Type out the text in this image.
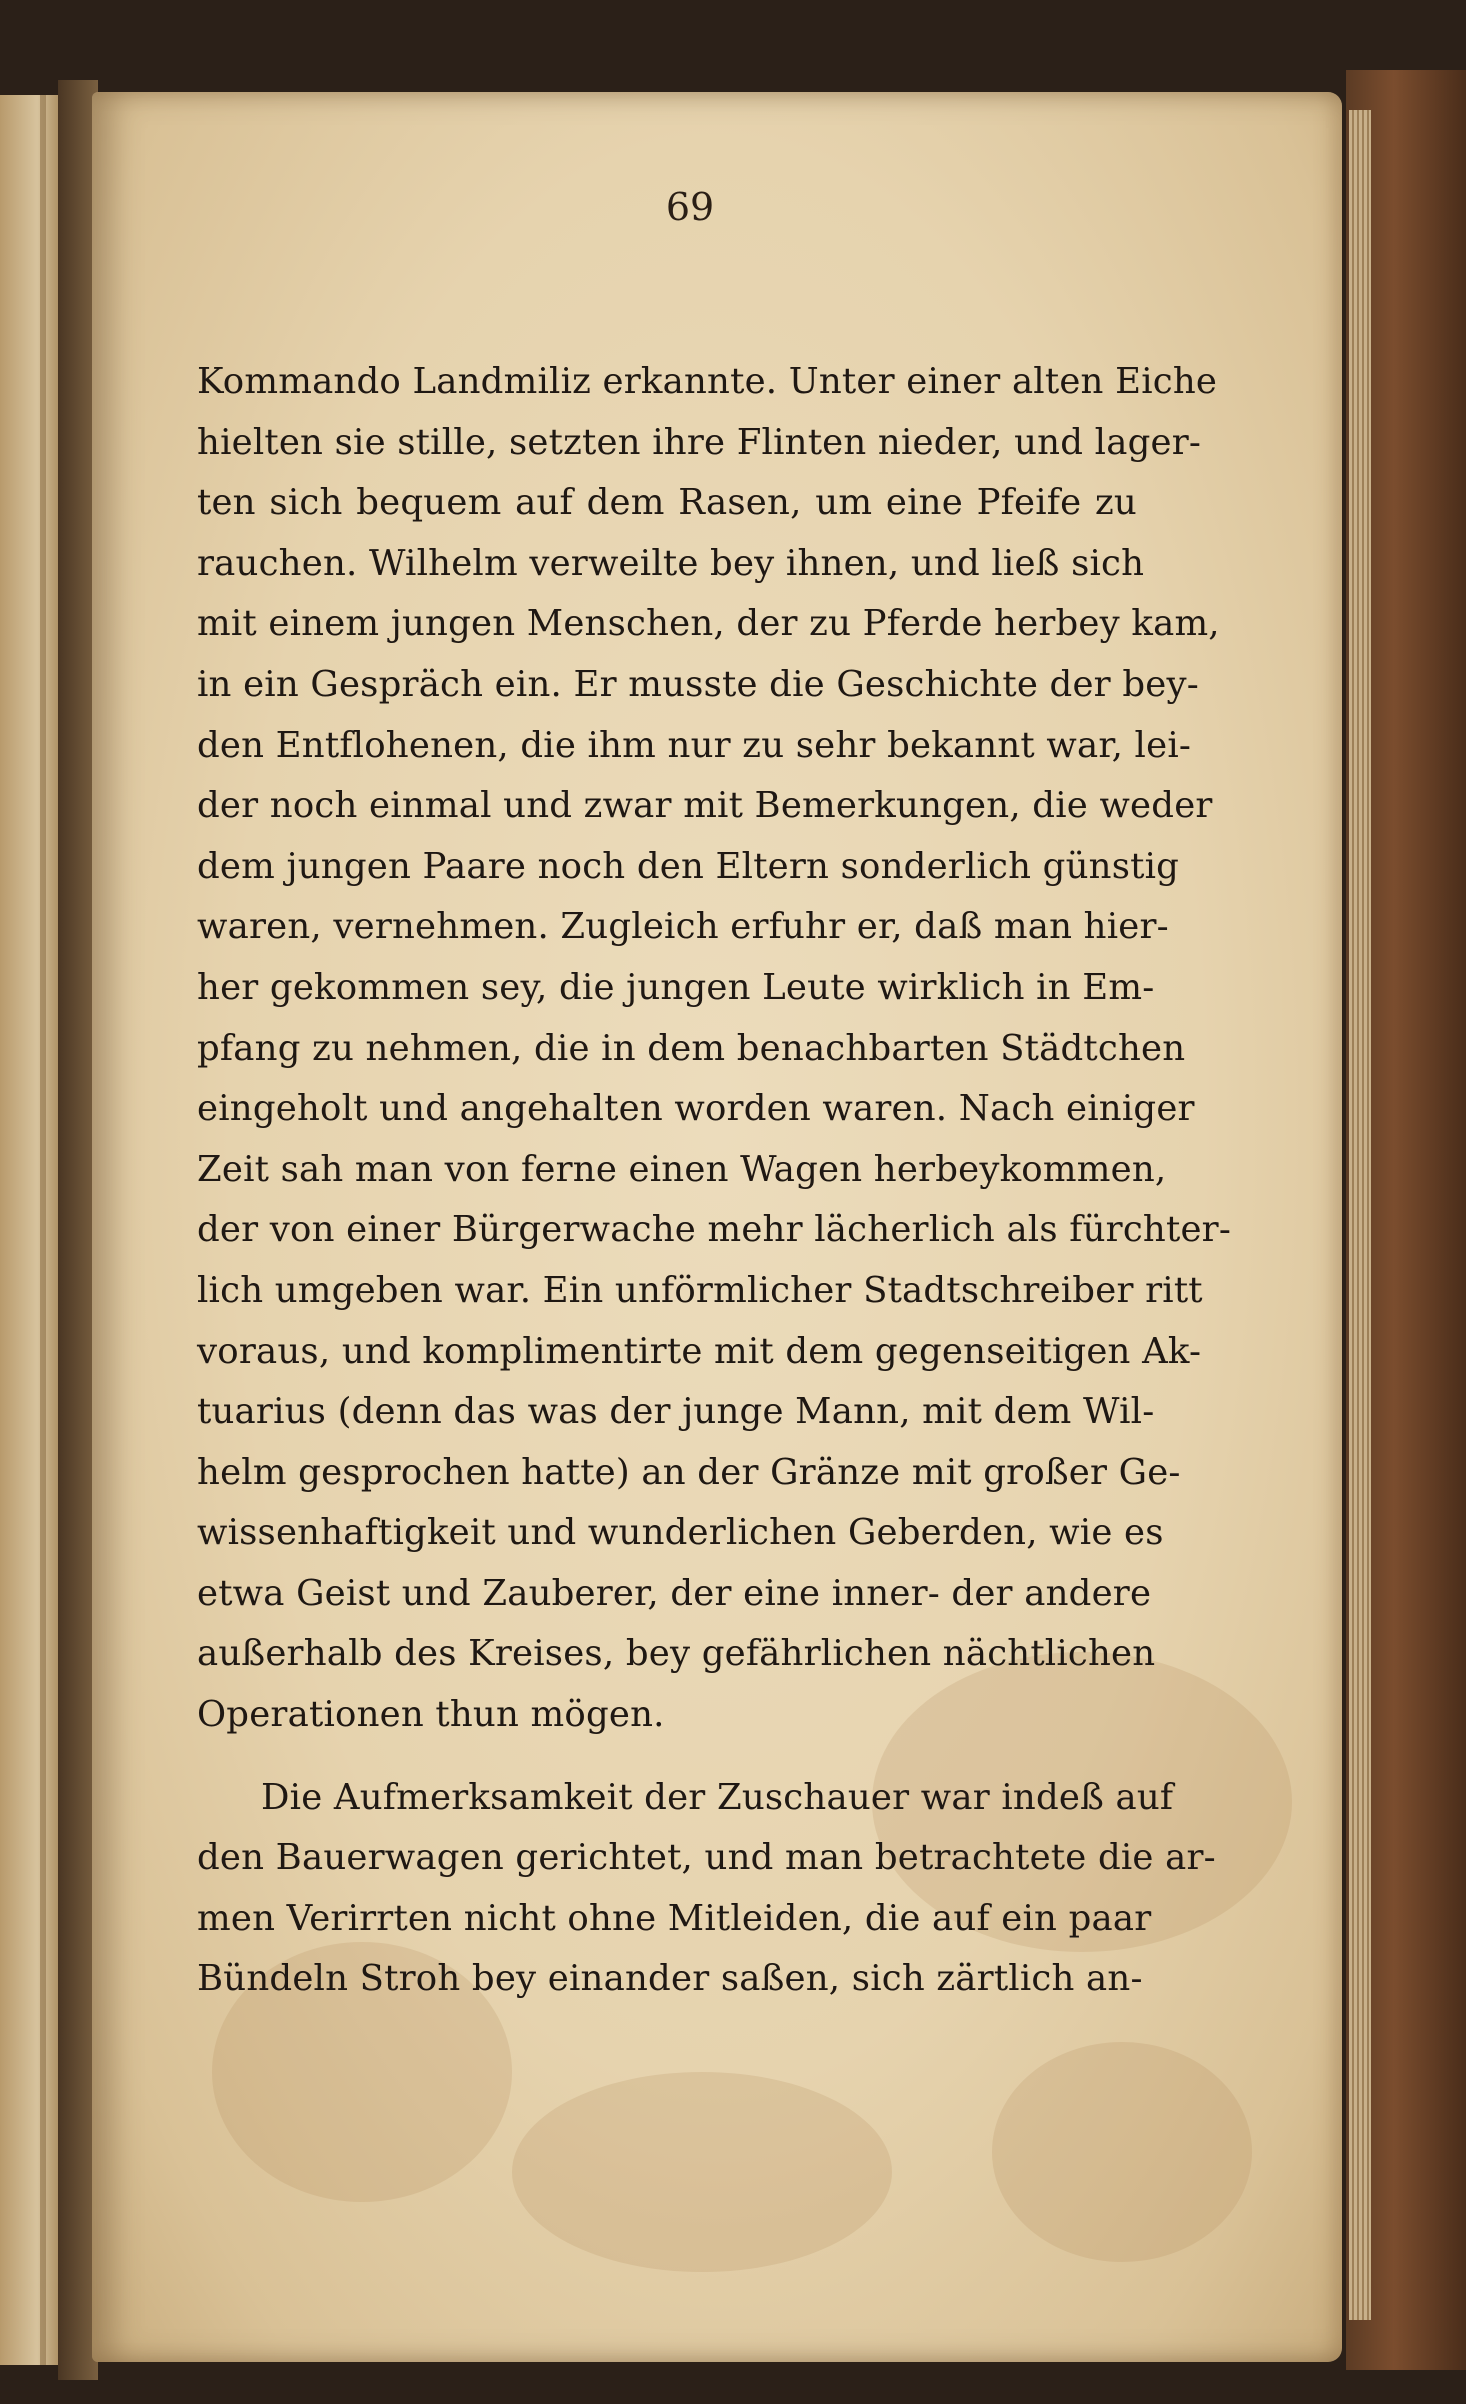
69
Kommando Landmiliz erkannte. Unter einer alten Eiche
hielten sie stille, setzten ihre Flinten nieder, und lager-
ten sich bequem auf dem Rasen, um eine Pfeife zu
rauchen. Wilhelm verweilte bey ihnen, und ließ sich
mit einem jungen Menschen, der zu Pferde herbey kam,
in ein Gespräch ein. Er musste die Geschichte der bey-
den Entflohenen, die ihm nur zu sehr bekannt war, lei-
der noch einmal und zwar mit Bemerkungen, die weder
dem jungen Paare noch den Eltern sonderlich günstig
waren, vernehmen. Zugleich erfuhr er, daß man hier-
her gekommen sey, die jungen Leute wirklich in Em-
pfang zu nehmen, die in dem benachbarten Städtchen
eingeholt und angehalten worden waren. Nach einiger
Zeit sah man von ferne einen Wagen herbeykommen,
der von einer Bürgerwache mehr lächerlich als fürchter-
lich umgeben war. Ein unförmlicher Stadtschreiber ritt
voraus, und komplimentirte mit dem gegenseitigen Ak-
tuarius (denn das was der junge Mann, mit dem Wil-
helm gesprochen hatte) an der Gränze mit großer Ge-
wissenhaftigkeit und wunderlichen Geberden, wie es
etwa Geist und Zauberer, der eine inner- der andere
außerhalb des Kreises, bey gefährlichen nächtlichen
Operationen thun mögen.
Die Aufmerksamkeit der Zuschauer war indeß auf
den Bauerwagen gerichtet, und man betrachtete die ar-
men Verirrten nicht ohne Mitleiden, die auf ein paar
Bündeln Stroh bey einander saßen, sich zärtlich an-
